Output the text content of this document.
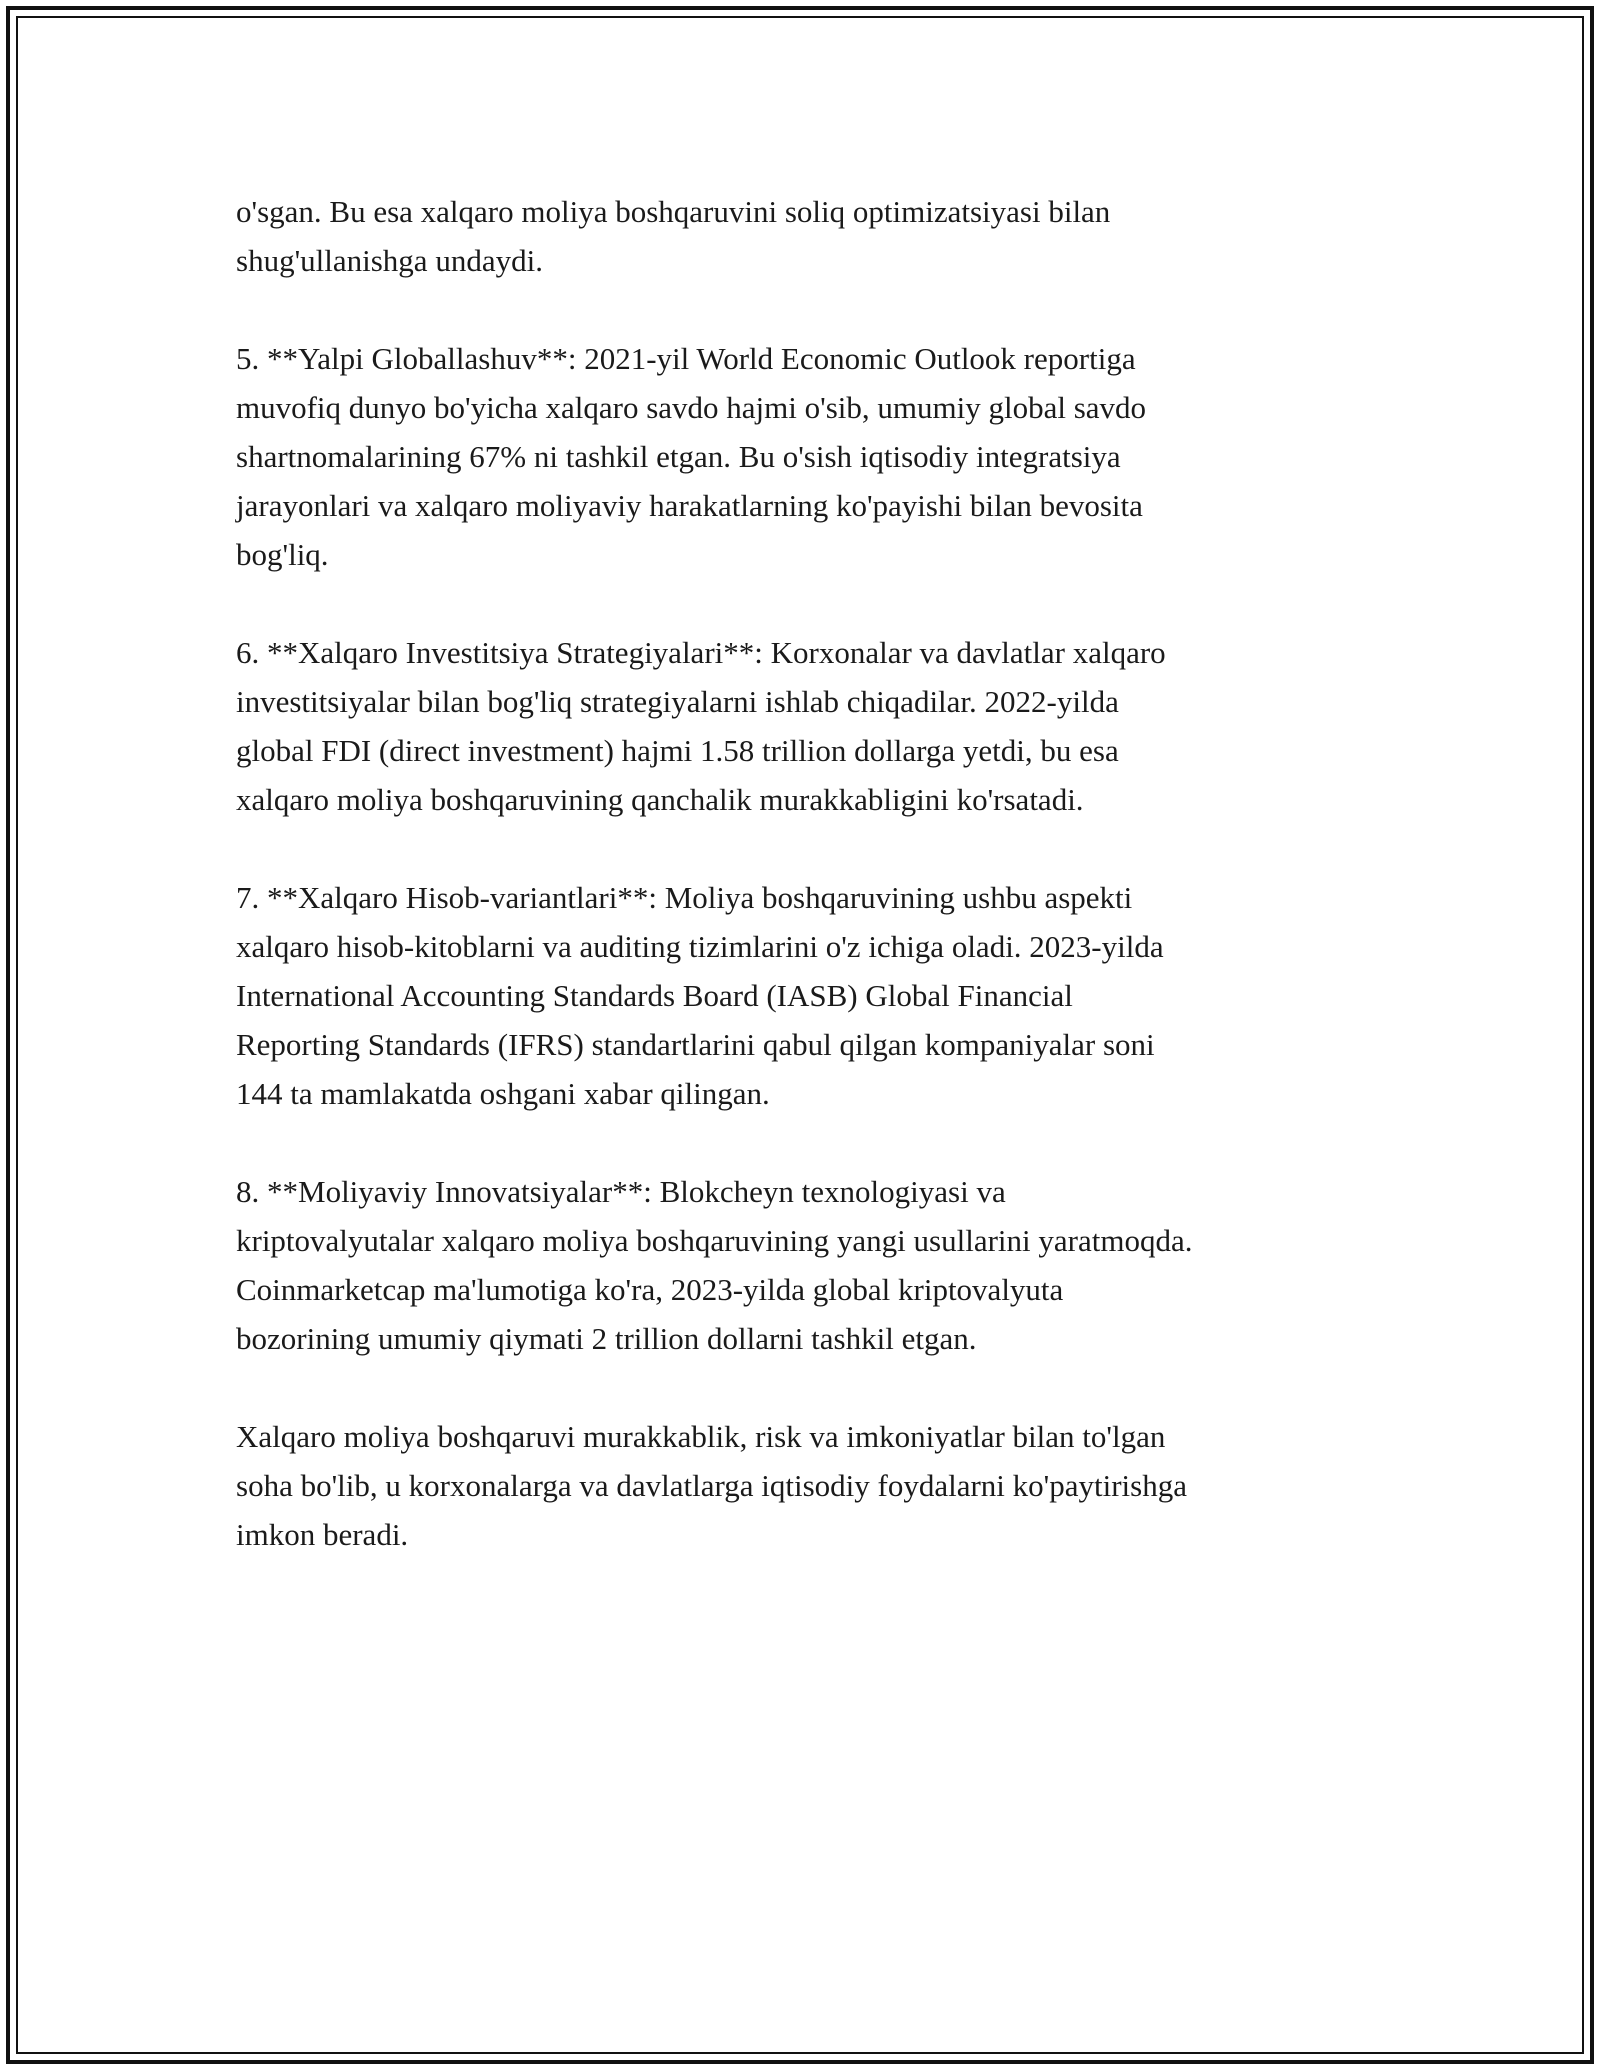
o'sgan. Bu esa xalqaro moliya boshqaruvini soliq optimizatsiyasi bilan
shug'ullanishga undaydi.

5. **Yalpi Globallashuv**: 2021-yil World Economic Outlook reportiga
muvofiq dunyo bo'yicha xalqaro savdo hajmi o'sib, umumiy global savdo
shartnomalarining 67% ni tashkil etgan. Bu o'sish iqtisodiy integratsiya
jarayonlari va xalqaro moliyaviy harakatlarning ko'payishi bilan bevosita
bog'liq.

6. **Xalqaro Investitsiya Strategiyalari**: Korxonalar va davlatlar xalqaro
investitsiyalar bilan bog'liq strategiyalarni ishlab chiqadilar. 2022-yilda
global FDI (direct investment) hajmi 1.58 trillion dollarga yetdi, bu esa
xalqaro moliya boshqaruvining qanchalik murakkabligini ko'rsatadi.

7. **Xalqaro Hisob-variantlari**: Moliya boshqaruvining ushbu aspekti
xalqaro hisob-kitoblarni va auditing tizimlarini o'z ichiga oladi. 2023-yilda
International Accounting Standards Board (IASB) Global Financial
Reporting Standards (IFRS) standartlarini qabul qilgan kompaniyalar soni
144 ta mamlakatda oshgani xabar qilingan.

8. **Moliyaviy Innovatsiyalar**: Blokcheyn texnologiyasi va
kriptovalyutalar xalqaro moliya boshqaruvining yangi usullarini yaratmoqda.
Coinmarketcap ma'lumotiga ko'ra, 2023-yilda global kriptovalyuta
bozorining umumiy qiymati 2 trillion dollarni tashkil etgan.

Xalqaro moliya boshqaruvi murakkablik, risk va imkoniyatlar bilan to'lgan
soha bo'lib, u korxonalarga va davlatlarga iqtisodiy foydalarni ko'paytirishga
imkon beradi.
